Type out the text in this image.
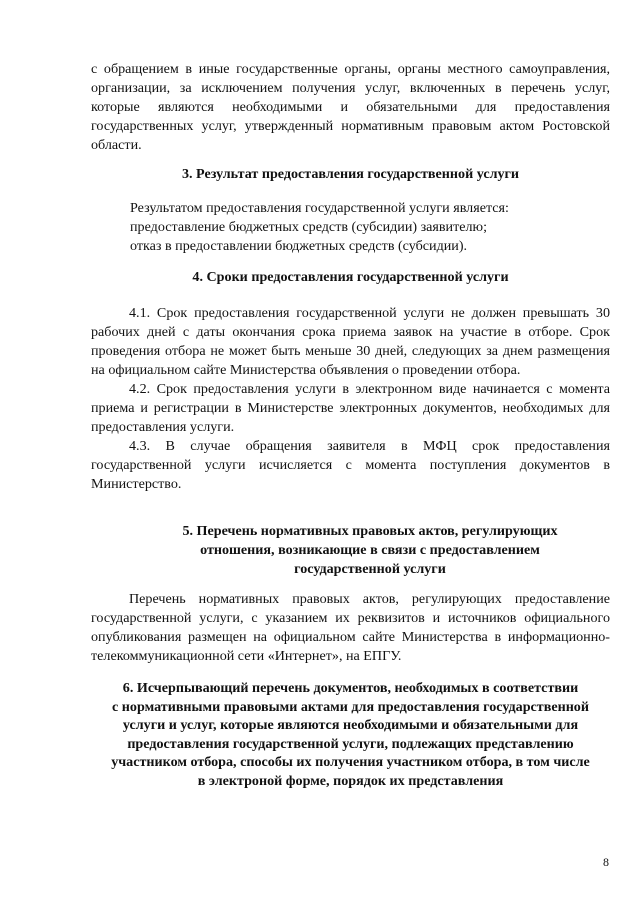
с обращением в иные государственные органы, органы местного самоуправления, организации, за исключением получения услуг, включенных в перечень услуг, которые являются необходимыми и обязательными для предоставления государственных услуг, утвержденный нормативным правовым актом Ростовской области.

3. Результат предоставления государственной услуги

Результатом предоставления государственной услуги является:

предоставление бюджетных средств (субсидии) заявителю;

отказ в предоставлении бюджетных средств (субсидии).

4. Сроки предоставления государственной услуги

4.1. Срок предоставления государственной услуги не должен превышать 30 рабочих дней с даты окончания срока приема заявок на участие в отборе. Срок проведения отбора не может быть меньше 30 дней, следующих за днем размещения на официальном сайте Министерства объявления о проведении отбора.

4.2. Срок предоставления услуги в электронном виде начинается с момента приема и регистрации в Министерстве электронных документов, необходимых для предоставления услуги.

4.3. В случае обращения заявителя в МФЦ срок предоставления государственной услуги исчисляется с момента поступления документов в Министерство.

5. Перечень нормативных правовых актов, регулирующих
отношения, возникающие в связи с предоставлением
государственной услуги

Перечень нормативных правовых актов, регулирующих предоставление государственной услуги, с указанием их реквизитов и источников официального опубликования размещен на официальном сайте Министерства в информационно-телекоммуникационной сети «Интернет», на ЕПГУ.

6. Исчерпывающий перечень документов, необходимых в соответствии
с нормативными правовыми актами для предоставления государственной
услуги и услуг, которые являются необходимыми и обязательными для
предоставления государственной услуги, подлежащих представлению
участником отбора, способы их получения участником отбора, в том числе
в электроной форме, порядок их представления
8
